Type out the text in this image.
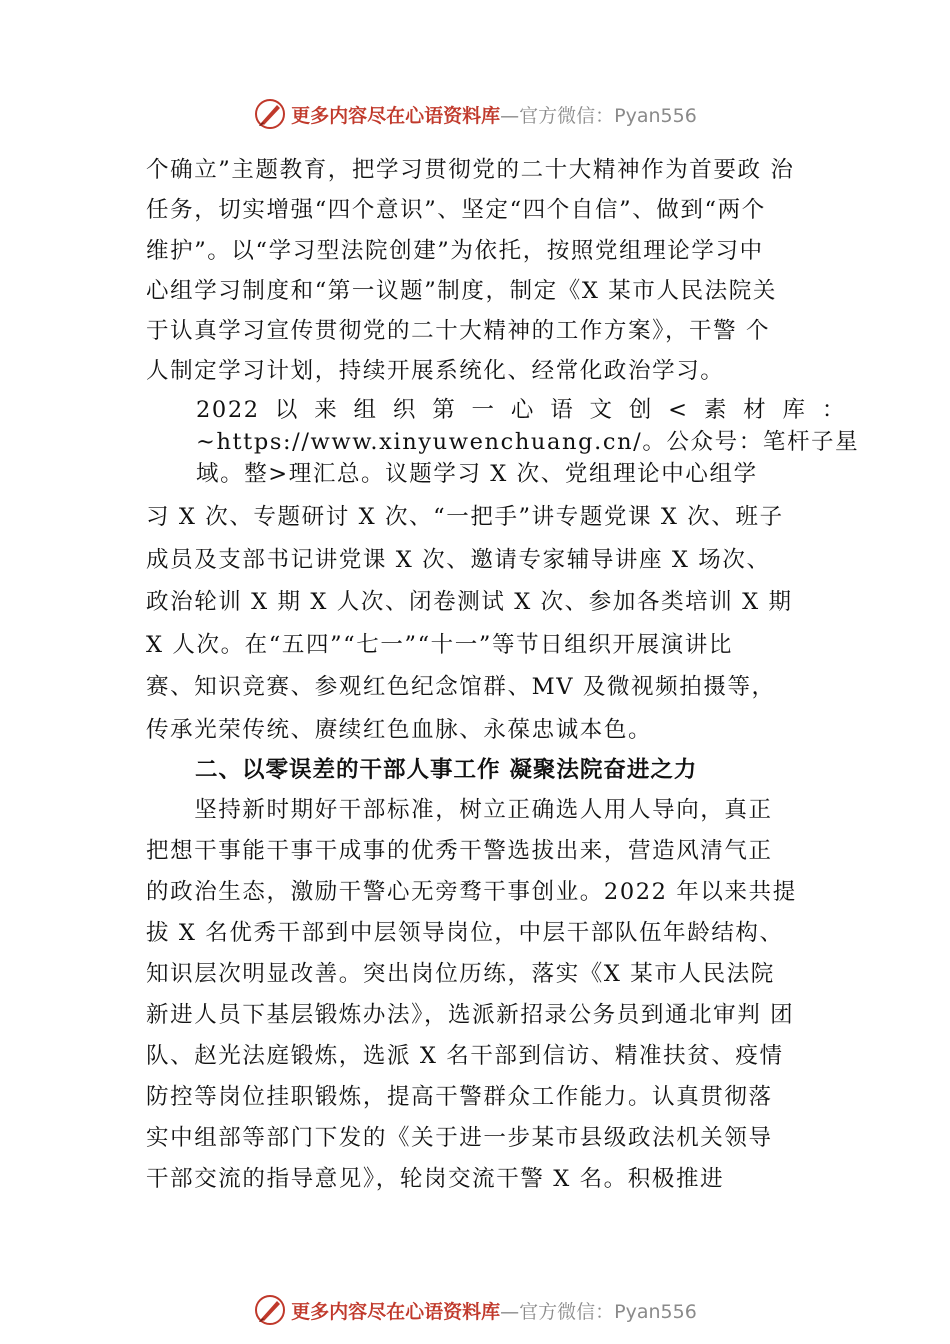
更多内容尽在心语资料库 —官方微信：Pyan556
个确立”主题教育，把学习贯彻党的二十大精神作为首要政 治
任务，切实增强“四个意识”、坚定“四个自信”、做到“两个
维护”。以“学习型法院创建”为依托，按照党组理论学习中
心组学习制度和“第一议题”制度，制定《X 某市人民法院关
于认真学习宣传贯彻党的二十大精神的工作方案》，干警 个
人制定学习计划，持续开展系统化、经常化政治学习。
2022 以 来 组 织 第 一 心 语 文 创 < 素 材 库 ：
~https://www.xinyuwenchuang.cn/。公众号：笔杆子星
域。整>理汇总。议题学习 X 次、党组理论中心组学
习 X 次、专题研讨 X 次、“一把手”讲专题党课 X 次、班子
成员及支部书记讲党课 X 次、邀请专家辅导讲座 X 场次、
政治轮训 X 期 X 人次、闭卷测试 X 次、参加各类培训 X 期
X 人次。在“五四”“七一”“十一”等节日组织开展演讲比
赛、知识竞赛、参观红色纪念馆群、MV 及微视频拍摄等，
传承光荣传统、赓续红色血脉、永葆忠诚本色。
二、以零误差的干部人事工作 凝聚法院奋进之力
　　坚持新时期好干部标准，树立正确选人用人导向，真正
把想干事能干事干成事的优秀干警选拔出来，营造风清气正
的政治生态，激励干警心无旁骛干事创业。2022 年以来共提
拔 X 名优秀干部到中层领导岗位，中层干部队伍年龄结构、
知识层次明显改善。突出岗位历练，落实《X 某市人民法院
新进人员下基层锻炼办法》，选派新招录公务员到通北审判 团
队、赵光法庭锻炼，选派 X 名干部到信访、精准扶贫、疫情
防控等岗位挂职锻炼，提高干警群众工作能力。认真贯彻落
实中组部等部门下发的《关于进一步某市县级政法机关领导
干部交流的指导意见》，轮岗交流干警 X 名。积极推进
更多内容尽在心语资料库 —官方微信：Pyan556
